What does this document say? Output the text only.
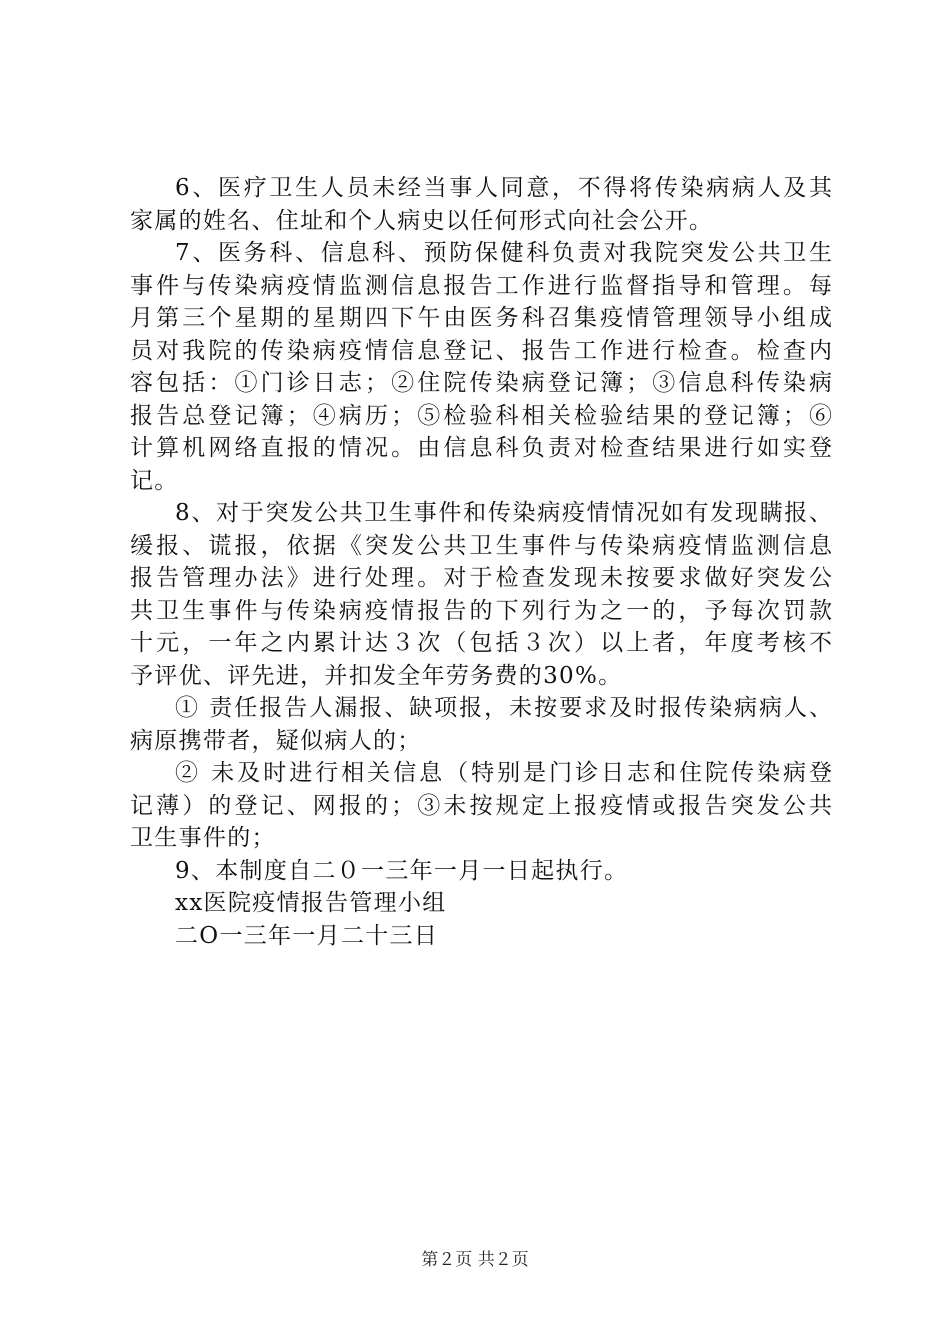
6、医疗卫生人员未经当事人同意，不得将传染病病人及其
家属的姓名、住址和个人病史以任何形式向社会公开。
7、医务科、信息科、预防保健科负责对我院突发公共卫生
事件与传染病疫情监测信息报告工作进行监督指导和管理。每
月第三个星期的星期四下午由医务科召集疫情管理领导小组成
员对我院的传染病疫情信息登记、报告工作进行检查。检查内
容包括：①门诊日志；②住院传染病登记簿；③信息科传染病
报告总登记簿；④病历；⑤检验科相关检验结果的登记簿；⑥
计算机网络直报的情况。由信息科负责对检查结果进行如实登
记。
8、对于突发公共卫生事件和传染病疫情情况如有发现瞒报、
缓报、谎报，依据《突发公共卫生事件与传染病疫情监测信息
报告管理办法》进行处理。对于检查发现未按要求做好突发公
共卫生事件与传染病疫情报告的下列行为之一的，予每次罚款
十元，一年之内累计达３次（包括３次）以上者，年度考核不
予评优、评先进，并扣发全年劳务费的30%。
① 责任报告人漏报、缺项报，未按要求及时报传染病病人、
病原携带者，疑似病人的；
② 未及时进行相关信息（特别是门诊日志和住院传染病登
记薄）的登记、网报的；③未按规定上报疫情或报告突发公共
卫生事件的；
9、本制度自二０一三年一月一日起执行。
xx医院疫情报告管理小组
二O一三年一月二十三日
第２页 共２页
